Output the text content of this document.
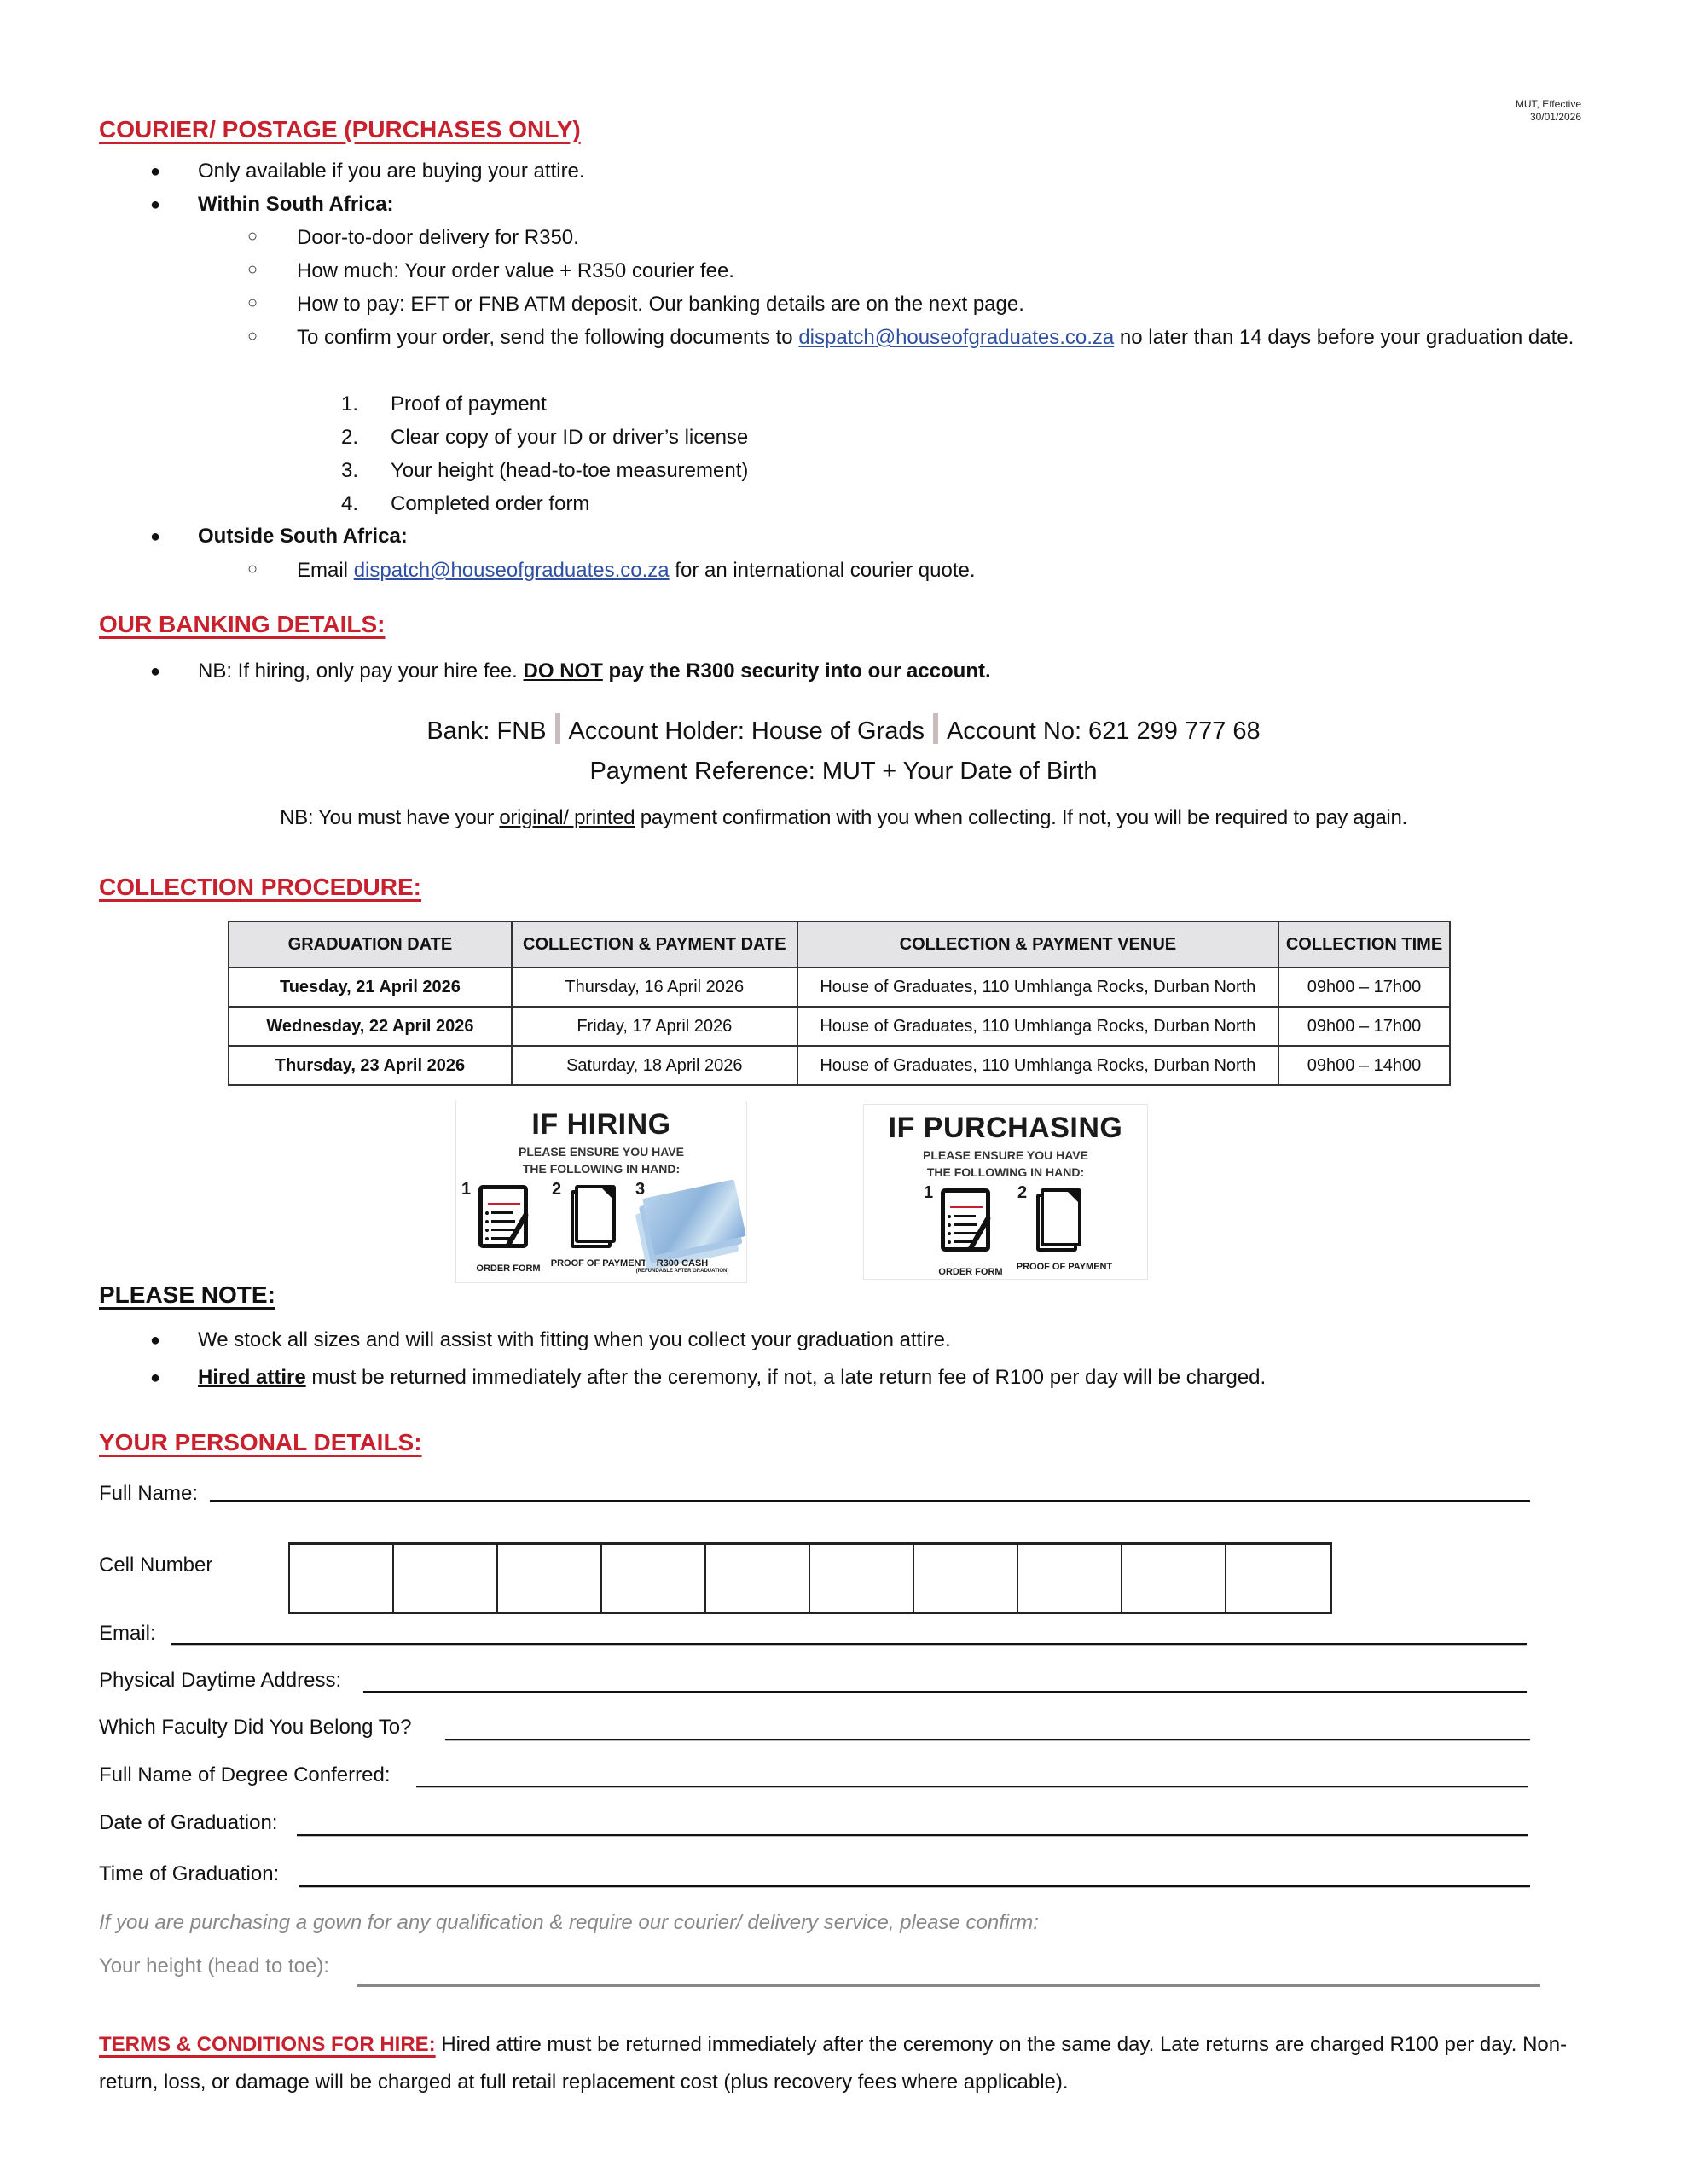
MUT, Effective
30/01/2026
COURIER/ POSTAGE (PURCHASES ONLY)
● Only available if you are buying your attire.
● Within South Africa:
○ Door-to-door delivery for R350.
○ How much: Your order value + R350 courier fee.
○ How to pay: EFT or FNB ATM deposit. Our banking details are on the next page.
○ To confirm your order, send the following documents to dispatch@houseofgraduates.co.za no later than 14 days before your graduation date.
1. Proof of payment
2. Clear copy of your ID or driver’s license
3. Your height (head-to-toe measurement)
4. Completed order form
● Outside South Africa:
○ Email dispatch@houseofgraduates.co.za for an international courier quote.
OUR BANKING DETAILS:
● NB: If hiring, only pay your hire fee. DO NOT pay the R300 security into our account.
Bank: FNB Account Holder: House of Grads Account No: 621 299 777 68
Payment Reference: MUT + Your Date of Birth
NB: You must have your original/ printed payment confirmation with you when collecting. If not, you will be required to pay again.
COLLECTION PROCEDURE:
GRADUATION DATE	COLLECTION & PAYMENT DATE	COLLECTION & PAYMENT VENUE	COLLECTION TIME
Tuesday, 21 April 2026	Thursday, 16 April 2026	House of Graduates, 110 Umhlanga Rocks, Durban North	09h00 – 17h00
Wednesday, 22 April 2026	Friday, 17 April 2026	House of Graduates, 110 Umhlanga Rocks, Durban North	09h00 – 17h00
Thursday, 23 April 2026	Saturday, 18 April 2026	House of Graduates, 110 Umhlanga Rocks, Durban North	09h00 – 14h00
IF HIRING
PLEASE ENSURE YOU HAVE
THE FOLLOWING IN HAND:
1
ORDER FORM
2
PROOF OF PAYMENT
3
R300 CASH
(REFUNDABLE AFTER GRADUATION)
IF PURCHASING
PLEASE ENSURE YOU HAVE
THE FOLLOWING IN HAND:
1
ORDER FORM
2
PROOF OF PAYMENT
PLEASE NOTE:
● We stock all sizes and will assist with fitting when you collect your graduation attire.
● Hired attire must be returned immediately after the ceremony, if not, a late return fee of R100 per day will be charged.
YOUR PERSONAL DETAILS:
Full Name:
Cell Number
Email:
Physical Daytime Address:
Which Faculty Did You Belong To?
Full Name of Degree Conferred:
Date of Graduation:
Time of Graduation:
If you are purchasing a gown for any qualification & require our courier/ delivery service, please confirm:
Your height (head to toe):
TERMS & CONDITIONS FOR HIRE: Hired attire must be returned immediately after the ceremony on the same day. Late returns are charged R100 per day. Non-return, loss, or damage will be charged at full retail replacement cost (plus recovery fees where applicable).
